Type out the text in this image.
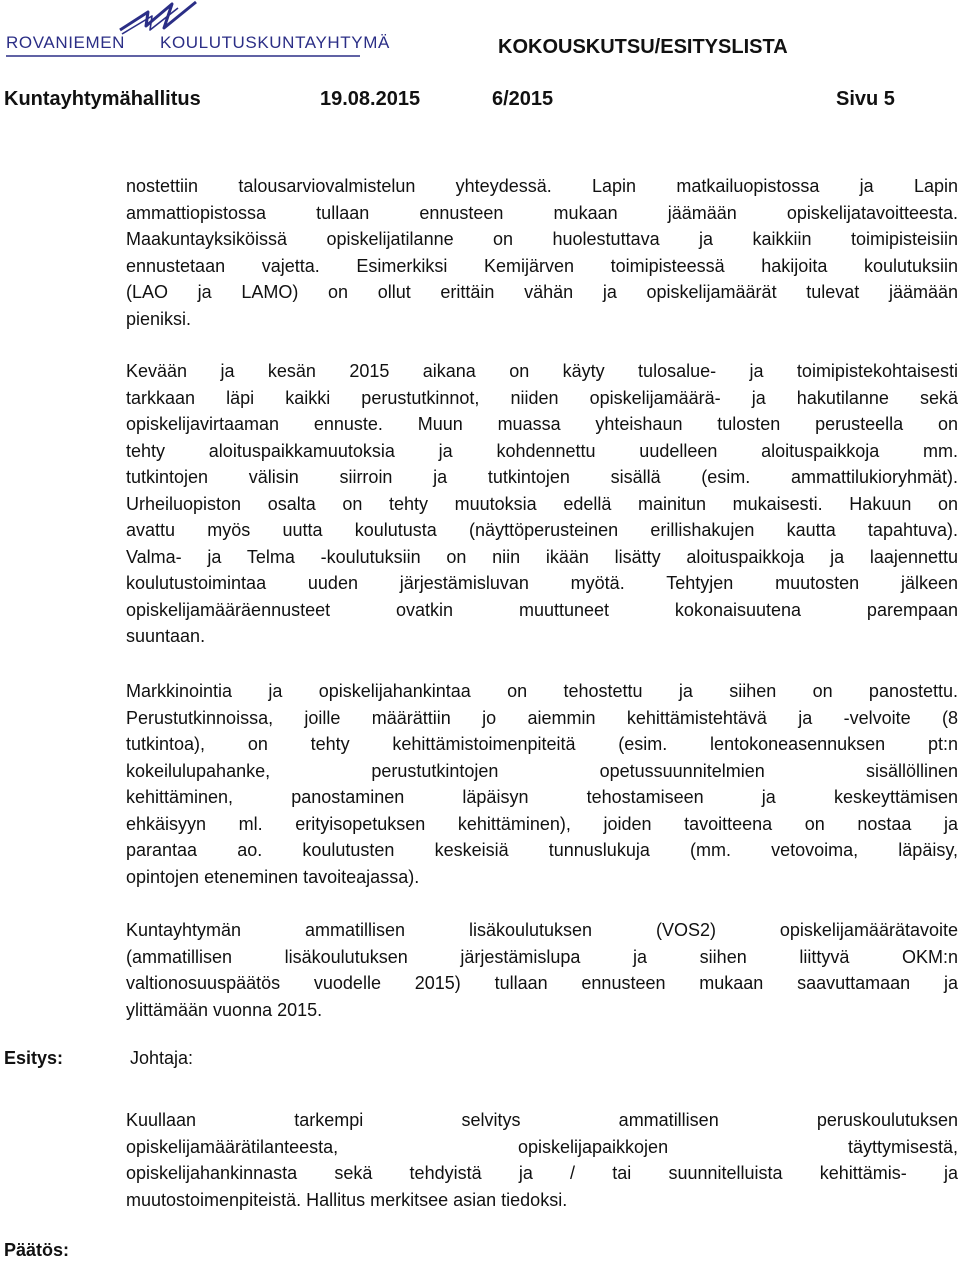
ROVANIEMEN KOULUTUSKUNTAYHTYMÄ	KOKOUSKUTSU/ESITYSLISTA
Kuntayhtymähallitus	19.08.2015	6/2015	Sivu 5
nostettiin talousarviovalmistelun yhteydessä. Lapin matkailuopistossa ja Lapin
ammattiopistossa tullaan ennusteen mukaan jäämään opiskelijatavoitteesta.
Maakuntayksiköissä opiskelijatilanne on huolestuttava ja kaikkiin toimipisteisiin
ennustetaan vajetta. Esimerkiksi Kemijärven toimipisteessä hakijoita koulutuksiin
(LAO ja LAMO) on ollut erittäin vähän ja opiskelijamäärät tulevat jäämään
pieniksi.
Kevään ja kesän 2015 aikana on käyty tulosalue- ja toimipistekohtaisesti
tarkkaan läpi kaikki perustutkinnot, niiden opiskelijamäärä- ja hakutilanne sekä
opiskelijavirtaaman ennuste. Muun muassa yhteishaun tulosten perusteella on
tehty aloituspaikkamuutoksia ja kohdennettu uudelleen aloituspaikkoja mm.
tutkintojen välisin siirroin ja tutkintojen sisällä (esim. ammattilukioryhmät).
Urheiluopiston osalta on tehty muutoksia edellä mainitun mukaisesti. Hakuun on
avattu myös uutta koulutusta (näyttöperusteinen erillishakujen kautta tapahtuva).
Valma- ja Telma -koulutuksiin on niin ikään lisätty aloituspaikkoja ja laajennettu
koulutustoimintaa uuden järjestämisluvan myötä. Tehtyjen muutosten jälkeen
opiskelijamääräennusteet ovatkin muuttuneet kokonaisuutena parempaan
suuntaan.
Markkinointia ja opiskelijahankintaa on tehostettu ja siihen on panostettu.
Perustutkinnoissa, joille määrättiin jo aiemmin kehittämistehtävä ja -velvoite (8
tutkintoa), on tehty kehittämistoimenpiteitä (esim. lentokoneasennuksen pt:n
kokeilulupahanke, perustutkintojen opetussuunnitelmien sisällöllinen
kehittäminen, panostaminen läpäisyn tehostamiseen ja keskeyttämisen
ehkäisyyn ml. erityisopetuksen kehittäminen), joiden tavoitteena on nostaa ja
parantaa ao. koulutusten keskeisiä tunnuslukuja (mm. vetovoima, läpäisy,
opintojen eteneminen tavoiteajassa).
Kuntayhtymän ammatillisen lisäkoulutuksen (VOS2) opiskelijamäärätavoite
(ammatillisen lisäkoulutuksen järjestämislupa ja siihen liittyvä OKM:n
valtionosuuspäätös vuodelle 2015) tullaan ennusteen mukaan saavuttamaan ja
ylittämään vuonna 2015.
Kuullaan tarkempi selvitys ammatillisen peruskoulutuksen
opiskelijamäärätilanteesta, opiskelijapaikkojen täyttymisestä,
opiskelijahankinnasta sekä tehdyistä ja / tai suunnitelluista kehittämis- ja
muutostoimenpiteistä. Hallitus merkitsee asian tiedoksi.
Esitys:	Johtaja:
Päätös:
